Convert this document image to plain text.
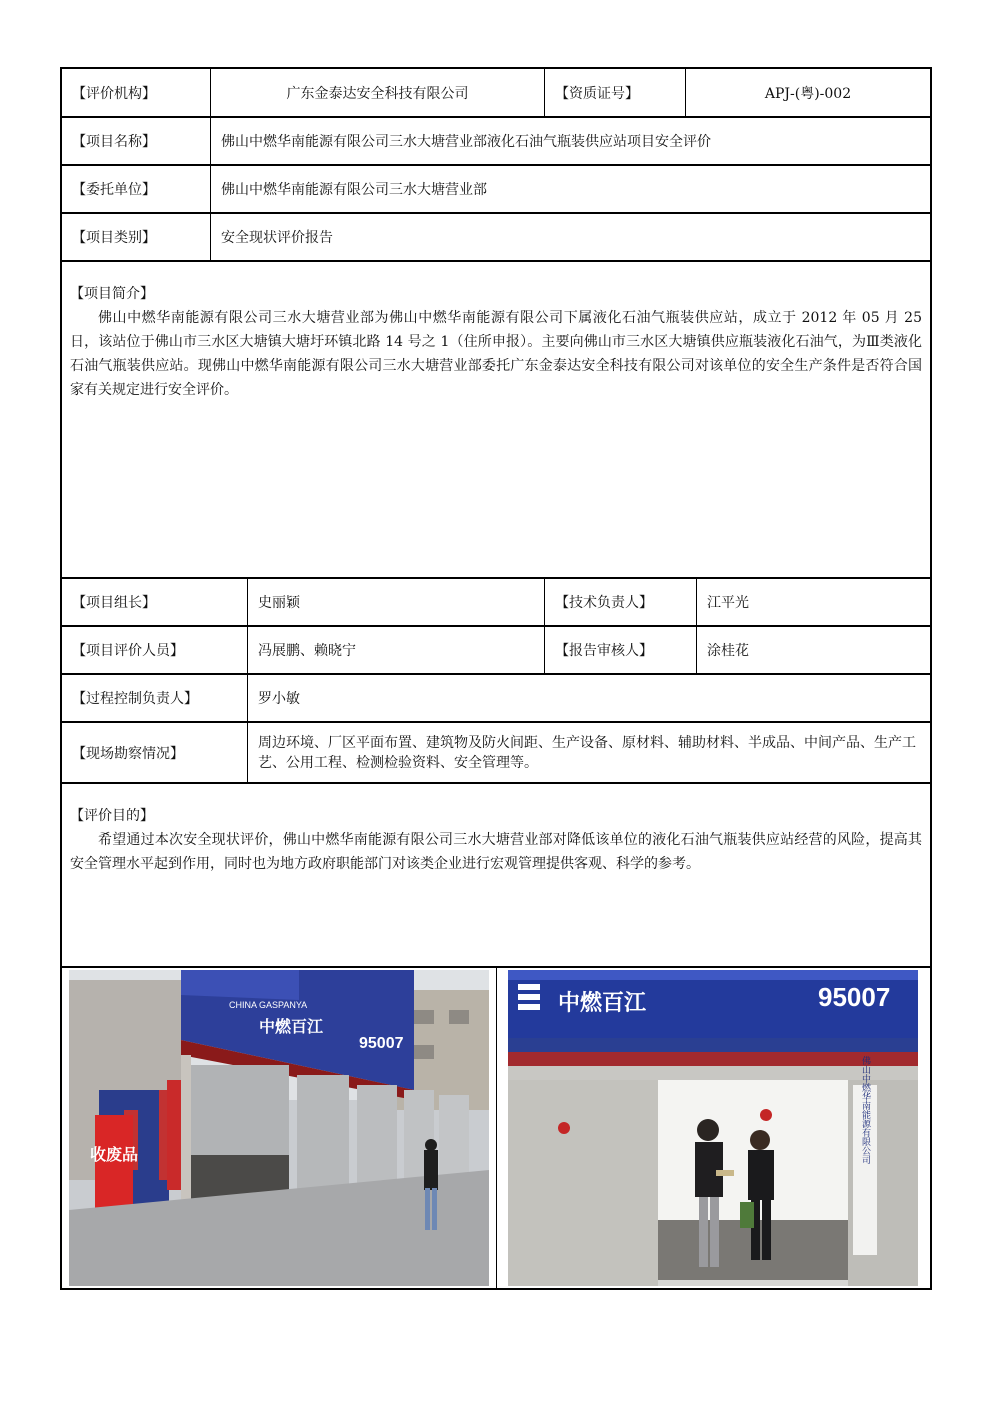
【评价机构】	广东金泰达安全科技有限公司	【资质证号】	APJ-(粤)-002
【项目名称】	佛山中燃华南能源有限公司三水大塘营业部液化石油气瓶装供应站项目安全评价
【委托单位】	佛山中燃华南能源有限公司三水大塘营业部
【项目类别】	安全现状评价报告
【项目简介】

佛山中燃华南能源有限公司三水大塘营业部为佛山中燃华南能源有限公司下属液化石油气瓶装供应站，成立于 2012 年 05 月 25 日，该站位于佛山市三水区大塘镇大塘圩环镇北路 14 号之 1（住所申报）。主要向佛山市三水区大塘镇供应瓶装液化石油气，为Ⅲ类液化石油气瓶装供应站。现佛山中燃华南能源有限公司三水大塘营业部委托广东金泰达安全科技有限公司对该单位的安全生产条件是否符合国家有关规定进行安全评价。

【项目组长】	史丽颖	【技术负责人】	江平光
【项目评价人员】	冯展鹏、赖晓宁	【报告审核人】	涂桂花
【过程控制负责人】	罗小敏
【现场勘察情况】
周边环境、厂区平面布置、建筑物及防火间距、生产设备、原材料、辅助材料、半成品、中间产品、生产工艺、公用工程、检测检验资料、安全管理等。
【评价目的】

希望通过本次安全现状评价，佛山中燃华南能源有限公司三水大塘营业部对降低该单位的液化石油气瓶装供应站经营的风险，提高其安全管理水平起到作用，同时也为地方政府职能部门对该类企业进行宏观管理提供客观、科学的参考。

CHINA GASPANYA
中燃百江
95007
收废品
中燃百江	95007
佛山中燃华南能源有限公司
